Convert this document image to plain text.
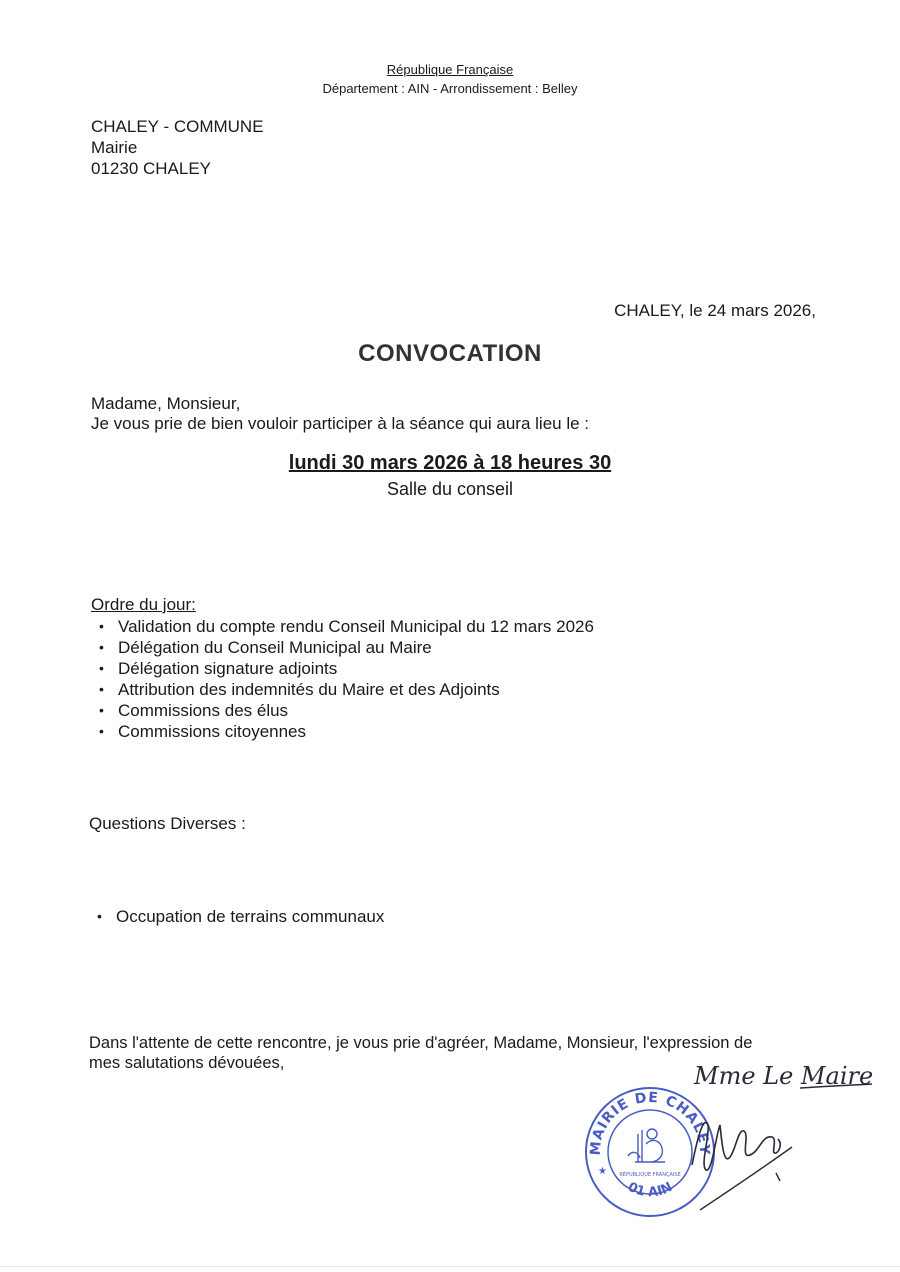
République Française
Département : AIN - Arrondissement : Belley
CHALEY - COMMUNE
Mairie
01230 CHALEY
CHALEY, le 24 mars 2026,
CONVOCATION
Madame, Monsieur,
Je vous prie de bien vouloir participer à la séance qui aura lieu le :
lundi 30 mars 2026 à 18 heures 30
Salle du conseil
Ordre du jour:
• Validation du compte rendu Conseil Municipal du 12 mars 2026
• Délégation du Conseil Municipal au Maire
• Délégation signature adjoints
• Attribution des indemnités du Maire et des Adjoints
• Commissions des élus
• Commissions citoyennes
Questions Diverses :
• Occupation de terrains communaux
Dans l'attente de cette rencontre, je vous prie d'agréer, Madame, Monsieur, l'expression de
mes salutations dévouées,	Mme Le Maire
MAIRIE DE CHALEY
01 AIN
RÉPUBLIQUE FRANÇAISE
★
